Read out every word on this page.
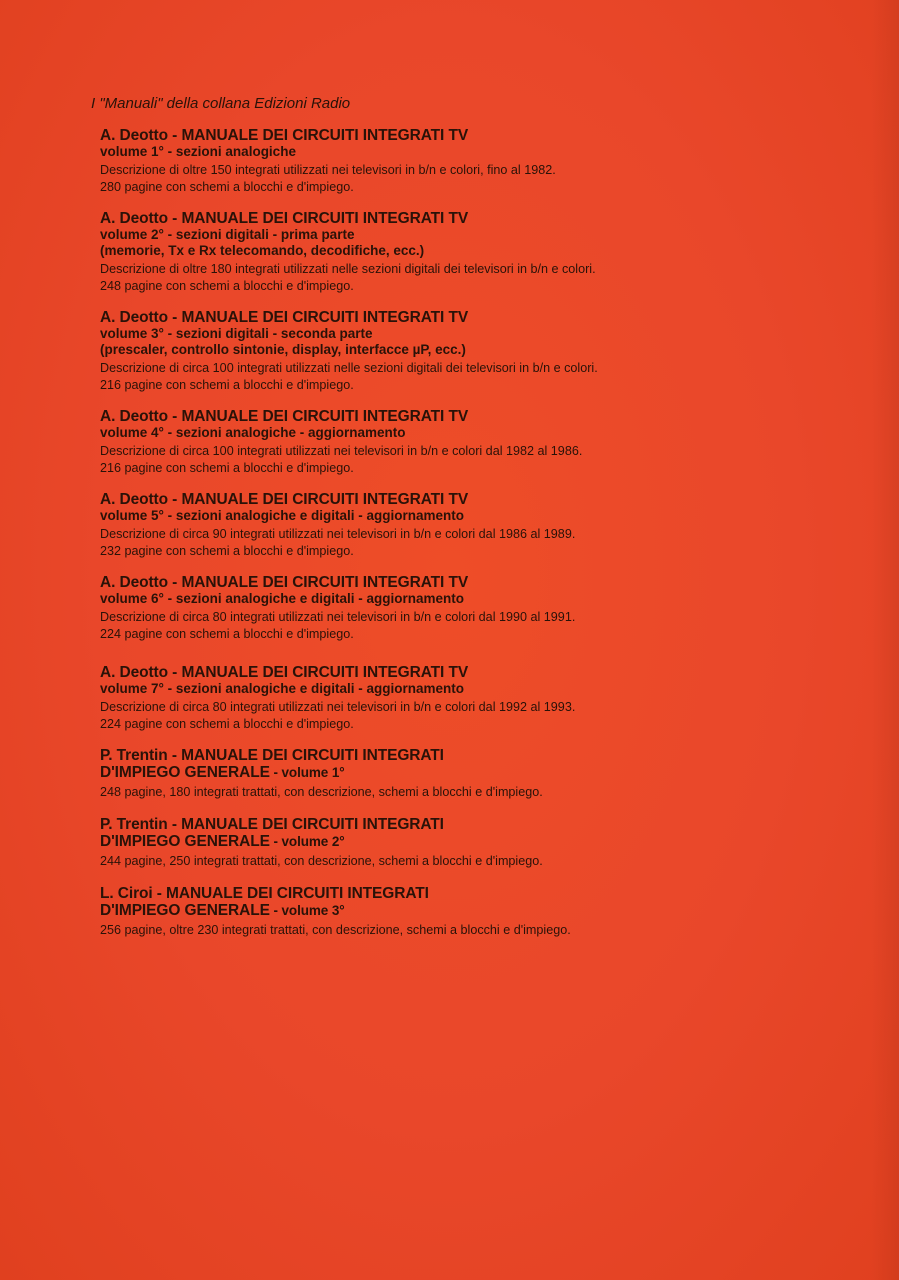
I "Manuali" della collana Edizioni Radio
A. Deotto - MANUALE DEI CIRCUITI INTEGRATI TV
volume 1° - sezioni analogiche
Descrizione di oltre 150 integrati utilizzati nei televisori in b/n e colori, fino al 1982.
280 pagine con schemi a blocchi e d'impiego.
A. Deotto - MANUALE DEI CIRCUITI INTEGRATI TV
volume 2° - sezioni digitali - prima parte
(memorie, Tx e Rx telecomando, decodifiche, ecc.)
Descrizione di oltre 180 integrati utilizzati nelle sezioni digitali dei televisori in b/n e colori.
248 pagine con schemi a blocchi e d'impiego.
A. Deotto - MANUALE DEI CIRCUITI INTEGRATI TV
volume 3° - sezioni digitali - seconda parte
(prescaler, controllo sintonie, display, interfacce µP, ecc.)
Descrizione di circa 100 integrati utilizzati nelle sezioni digitali dei televisori in b/n e colori.
216 pagine con schemi a blocchi e d'impiego.
A. Deotto - MANUALE DEI CIRCUITI INTEGRATI TV
volume 4° - sezioni analogiche - aggiornamento
Descrizione di circa 100 integrati utilizzati nei televisori in b/n e colori dal 1982 al 1986.
216 pagine con schemi a blocchi e d'impiego.
A. Deotto - MANUALE DEI CIRCUITI INTEGRATI TV
volume 5° - sezioni analogiche e digitali - aggiornamento
Descrizione di circa 90 integrati utilizzati nei televisori in b/n e colori dal 1986 al 1989.
232 pagine con schemi a blocchi e d'impiego.
A. Deotto - MANUALE DEI CIRCUITI INTEGRATI TV
volume 6° - sezioni analogiche e digitali - aggiornamento
Descrizione di circa 80 integrati utilizzati nei televisori in b/n e colori dal 1990 al 1991.
224 pagine con schemi a blocchi e d'impiego.
A. Deotto - MANUALE DEI CIRCUITI INTEGRATI TV
volume 7° - sezioni analogiche e digitali - aggiornamento
Descrizione di circa 80 integrati utilizzati nei televisori in b/n e colori dal 1992 al 1993.
224 pagine con schemi a blocchi e d'impiego.
P. Trentin - MANUALE DEI CIRCUITI INTEGRATI
D'IMPIEGO GENERALE - volume 1°
248 pagine, 180 integrati trattati, con descrizione, schemi a blocchi e d'impiego.
P. Trentin - MANUALE DEI CIRCUITI INTEGRATI
D'IMPIEGO GENERALE - volume 2°
244 pagine, 250 integrati trattati, con descrizione, schemi a blocchi e d'impiego.
L. Ciroi - MANUALE DEI CIRCUITI INTEGRATI
D'IMPIEGO GENERALE - volume 3°
256 pagine, oltre 230 integrati trattati, con descrizione, schemi a blocchi e d'impiego.
